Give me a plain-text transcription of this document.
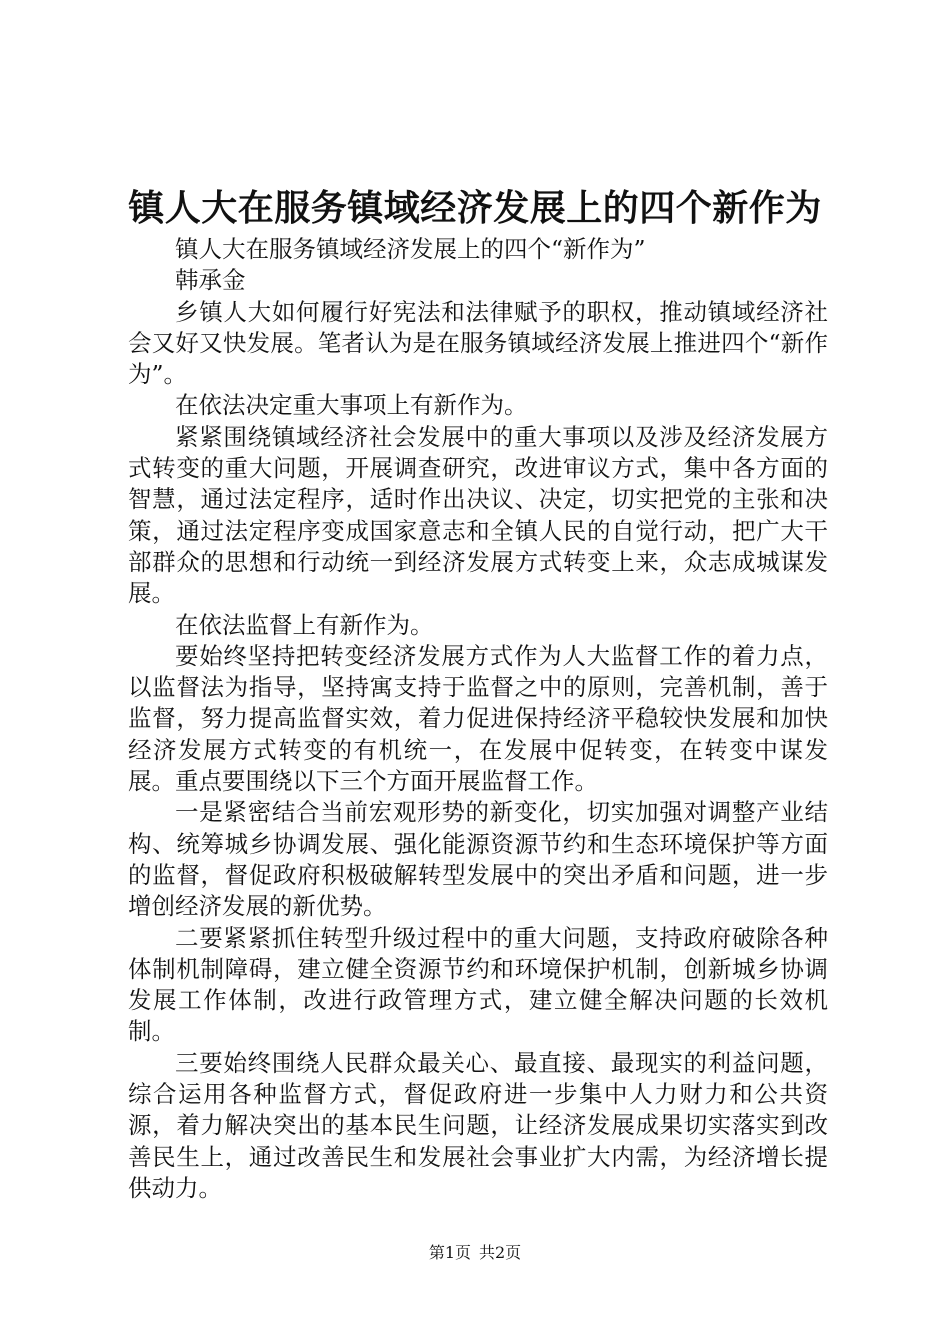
镇人大在服务镇域经济发展上的四个新作为

镇人大在服务镇域经济发展上的四个“新作为”

韩承金

乡镇人大如何履行好宪法和法律赋予的职权，推动镇域经济社会又好又快发展。笔者认为是在服务镇域经济发展上推进四个“新作为”。

在依法决定重大事项上有新作为。

紧紧围绕镇域经济社会发展中的重大事项以及涉及经济发展方式转变的重大问题，开展调查研究，改进审议方式，集中各方面的智慧，通过法定程序，适时作出决议、决定，切实把党的主张和决策，通过法定程序变成国家意志和全镇人民的自觉行动，把广大干部群众的思想和行动统一到经济发展方式转变上来，众志成城谋发展。

在依法监督上有新作为。

要始终坚持把转变经济发展方式作为人大监督工作的着力点，以监督法为指导，坚持寓支持于监督之中的原则，完善机制，善于监督，努力提高监督实效，着力促进保持经济平稳较快发展和加快经济发展方式转变的有机统一，在发展中促转变，在转变中谋发展。重点要围绕以下三个方面开展监督工作。

一是紧密结合当前宏观形势的新变化，切实加强对调整产业结构、统筹城乡协调发展、强化能源资源节约和生态环境保护等方面的监督，督促政府积极破解转型发展中的突出矛盾和问题，进一步增创经济发展的新优势。

二要紧紧抓住转型升级过程中的重大问题，支持政府破除各种体制机制障碍，建立健全资源节约和环境保护机制，创新城乡协调发展工作体制，改进行政管理方式，建立健全解决问题的长效机制。

三要始终围绕人民群众最关心、最直接、最现实的利益问题，综合运用各种监督方式，督促政府进一步集中人力财力和公共资源，着力解决突出的基本民生问题，让经济发展成果切实落实到改善民生上，通过改善民生和发展社会事业扩大内需，为经济增长提供动力。

第1页 共2页
